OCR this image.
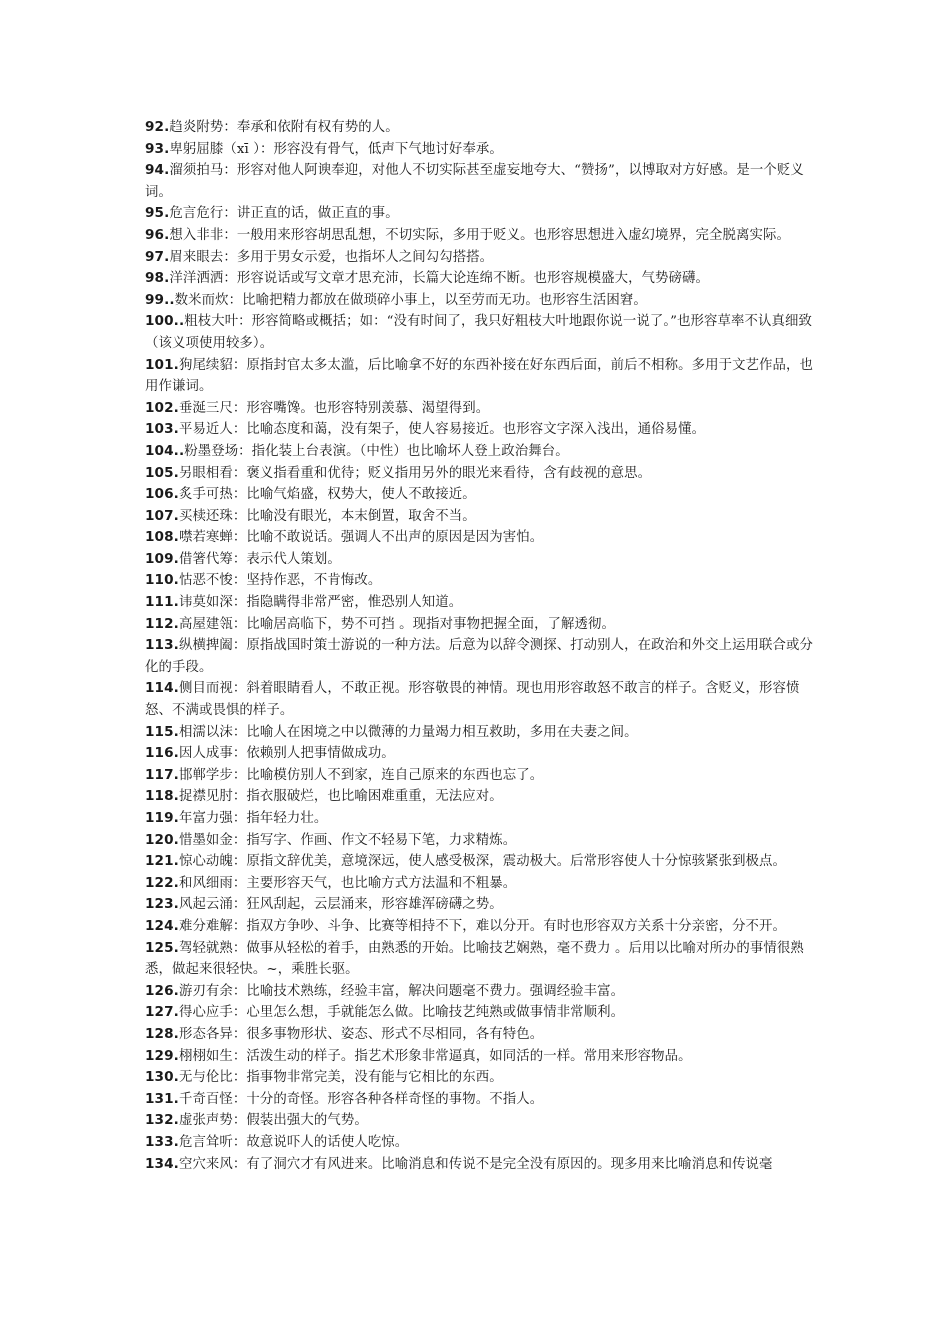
92.趋炎附势：奉承和依附有权有势的人。

93.卑躬屈膝（xī ）：形容没有骨气，低声下气地讨好奉承。

94.溜须拍马：形容对他人阿谀奉迎，对他人不切实际甚至虚妄地夸大、“赞扬”，以博取对方好感。是一个贬义词。

95.危言危行：讲正直的话，做正直的事。

96.想入非非：一般用来形容胡思乱想，不切实际，多用于贬义。也形容思想进入虚幻境界，完全脱离实际。

97.眉来眼去：多用于男女示爱，也指坏人之间勾勾搭搭。

98.洋洋洒洒：形容说话或写文章才思充沛，长篇大论连绵不断。也形容规模盛大，气势磅礴。

99..数米而炊：比喻把精力都放在做琐碎小事上，以至劳而无功。也形容生活困窘。

100..粗枝大叶：形容简略或概括；如：“没有时间了，我只好粗枝大叶地跟你说一说了。”也形容草率不认真细致（该义项使用较多）。

101.狗尾续貂：原指封官太多太滥，后比喻拿不好的东西补接在好东西后面，前后不相称。多用于文艺作品，也用作谦词。

102.垂涎三尺：形容嘴馋。也形容特别羡慕、渴望得到。

103.平易近人：比喻态度和蔼，没有架子，使人容易接近。也形容文字深入浅出，通俗易懂。

104..粉墨登场：指化装上台表演。（中性）也比喻坏人登上政治舞台。

105.另眼相看：褒义指看重和优待；贬义指用另外的眼光来看待，含有歧视的意思。

106.炙手可热：比喻气焰盛，权势大，使人不敢接近。

107.买椟还珠：比喻没有眼光，本末倒置，取舍不当。

108.噤若寒蝉：比喻不敢说话。强调人不出声的原因是因为害怕。

109.借箸代筹：表示代人策划。

110.怙恶不悛：坚持作恶，不肯悔改。

111.讳莫如深：指隐瞒得非常严密，惟恐别人知道。

112.高屋建瓴：比喻居高临下，势不可挡 。现指对事物把握全面，了解透彻。

113.纵横捭阖：原指战国时策士游说的一种方法。后意为以辞令测探、打动别人，在政治和外交上运用联合或分化的手段。

114.侧目而视：斜着眼睛看人，不敢正视。形容敬畏的神情。现也用形容敢怒不敢言的样子。含贬义，形容愤怒、不满或畏惧的样子。

115.相濡以沫：比喻人在困境之中以微薄的力量竭力相互救助，多用在夫妻之间。

116.因人成事：依赖别人把事情做成功。

117.邯郸学步：比喻模仿别人不到家，连自己原来的东西也忘了。

118.捉襟见肘：指衣服破烂，也比喻困难重重，无法应对。

119.年富力强：指年轻力壮。

120.惜墨如金：指写字、作画、作文不轻易下笔，力求精炼。

121.惊心动魄：原指文辞优美，意境深远，使人感受极深，震动极大。后常形容使人十分惊骇紧张到极点。

122.和风细雨：主要形容天气，也比喻方式方法温和不粗暴。

123.风起云涌：狂风刮起，云层涌来，形容雄浑磅礴之势。

124.难分难解：指双方争吵、斗争、比赛等相持不下，难以分开。有时也形容双方关系十分亲密，分不开。

125.驾轻就熟：做事从轻松的着手，由熟悉的开始。比喻技艺娴熟，毫不费力 。后用以比喻对所办的事情很熟悉，做起来很轻快。~，乘胜长驱。

126.游刃有余：比喻技术熟练，经验丰富，解决问题毫不费力。强调经验丰富。

127.得心应手：心里怎么想，手就能怎么做。比喻技艺纯熟或做事情非常顺利。

128.形态各异：很多事物形状、姿态、形式不尽相同，各有特色。

129.栩栩如生：活泼生动的样子。指艺术形象非常逼真，如同活的一样。常用来形容物品。

130.无与伦比：指事物非常完美，没有能与它相比的东西。

131.千奇百怪：十分的奇怪。形容各种各样奇怪的事物。不指人。

132.虚张声势：假装出强大的气势。

133.危言耸听：故意说吓人的话使人吃惊。

134.空穴来风：有了洞穴才有风进来。比喻消息和传说不是完全没有原因的。现多用来比喻消息和传说毫
